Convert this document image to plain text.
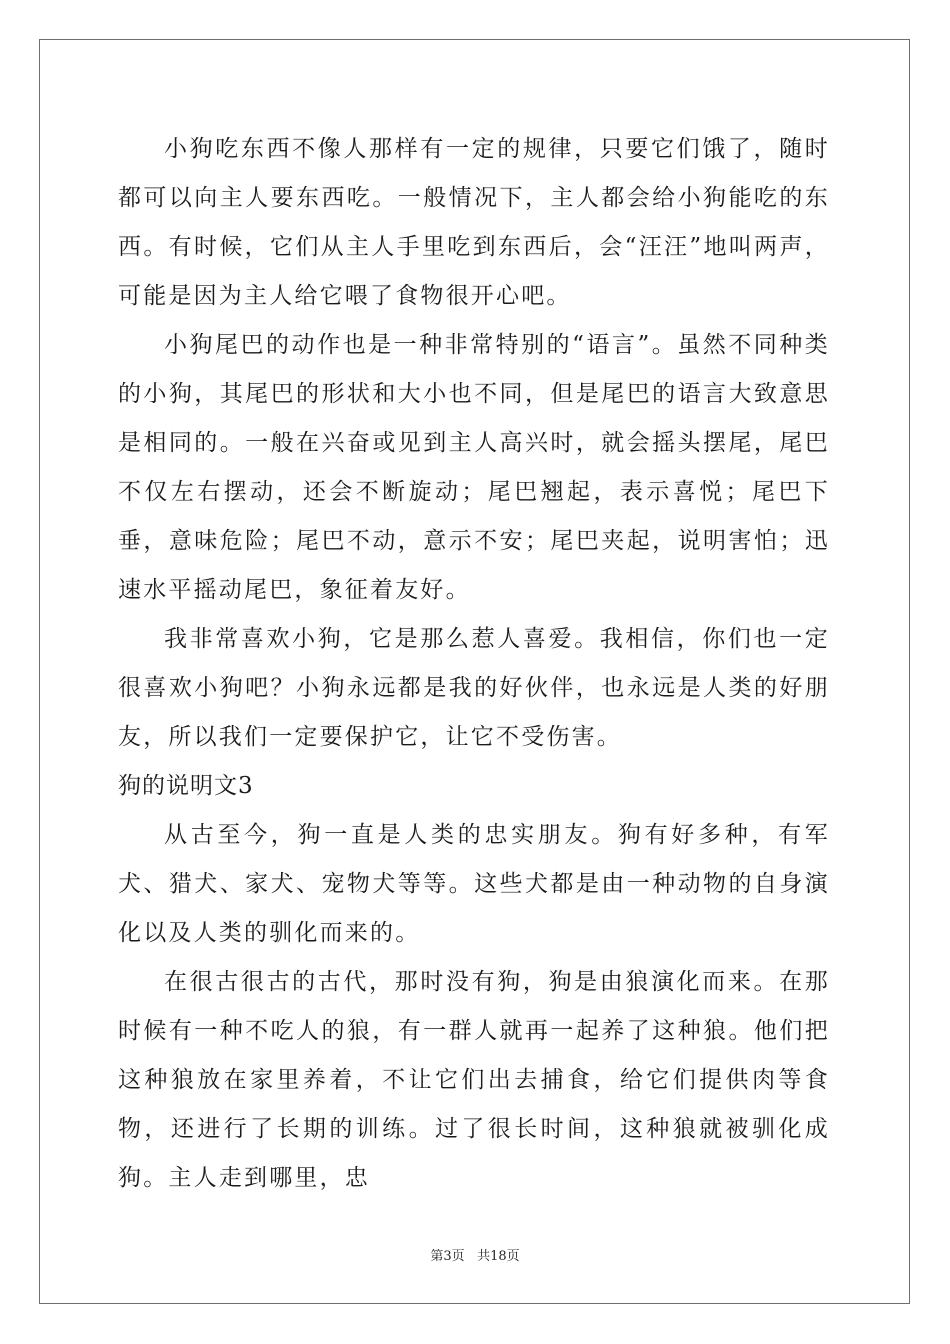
小狗吃东西不像人那样有一定的规律，只要它们饿了，随时都可以向主人要东西吃。一般情况下，主人都会给小狗能吃的东西。有时候，它们从主人手里吃到东西后，会“汪汪”地叫两声，可能是因为主人给它喂了食物很开心吧。

小狗尾巴的动作也是一种非常特别的“语言”。虽然不同种类的小狗，其尾巴的形状和大小也不同，但是尾巴的语言大致意思是相同的。一般在兴奋或见到主人高兴时，就会摇头摆尾，尾巴不仅左右摆动，还会不断旋动；尾巴翘起，表示喜悦；尾巴下垂，意味危险；尾巴不动，意示不安；尾巴夹起，说明害怕；迅速水平摇动尾巴，象征着友好。

我非常喜欢小狗，它是那么惹人喜爱。我相信，你们也一定很喜欢小狗吧？小狗永远都是我的好伙伴，也永远是人类的好朋友，所以我们一定要保护它，让它不受伤害。

狗的说明文3

从古至今，狗一直是人类的忠实朋友。狗有好多种，有军犬、猎犬、家犬、宠物犬等等。这些犬都是由一种动物的自身演化以及人类的驯化而来的。

在很古很古的古代，那时没有狗，狗是由狼演化而来。在那时候有一种不吃人的狼，有一群人就再一起养了这种狼。他们把这种狼放在家里养着，不让它们出去捕食，给它们提供肉等食物，还进行了长期的训练。过了很长时间，这种狼就被驯化成狗。主人走到哪里，忠

第3页 共18页
